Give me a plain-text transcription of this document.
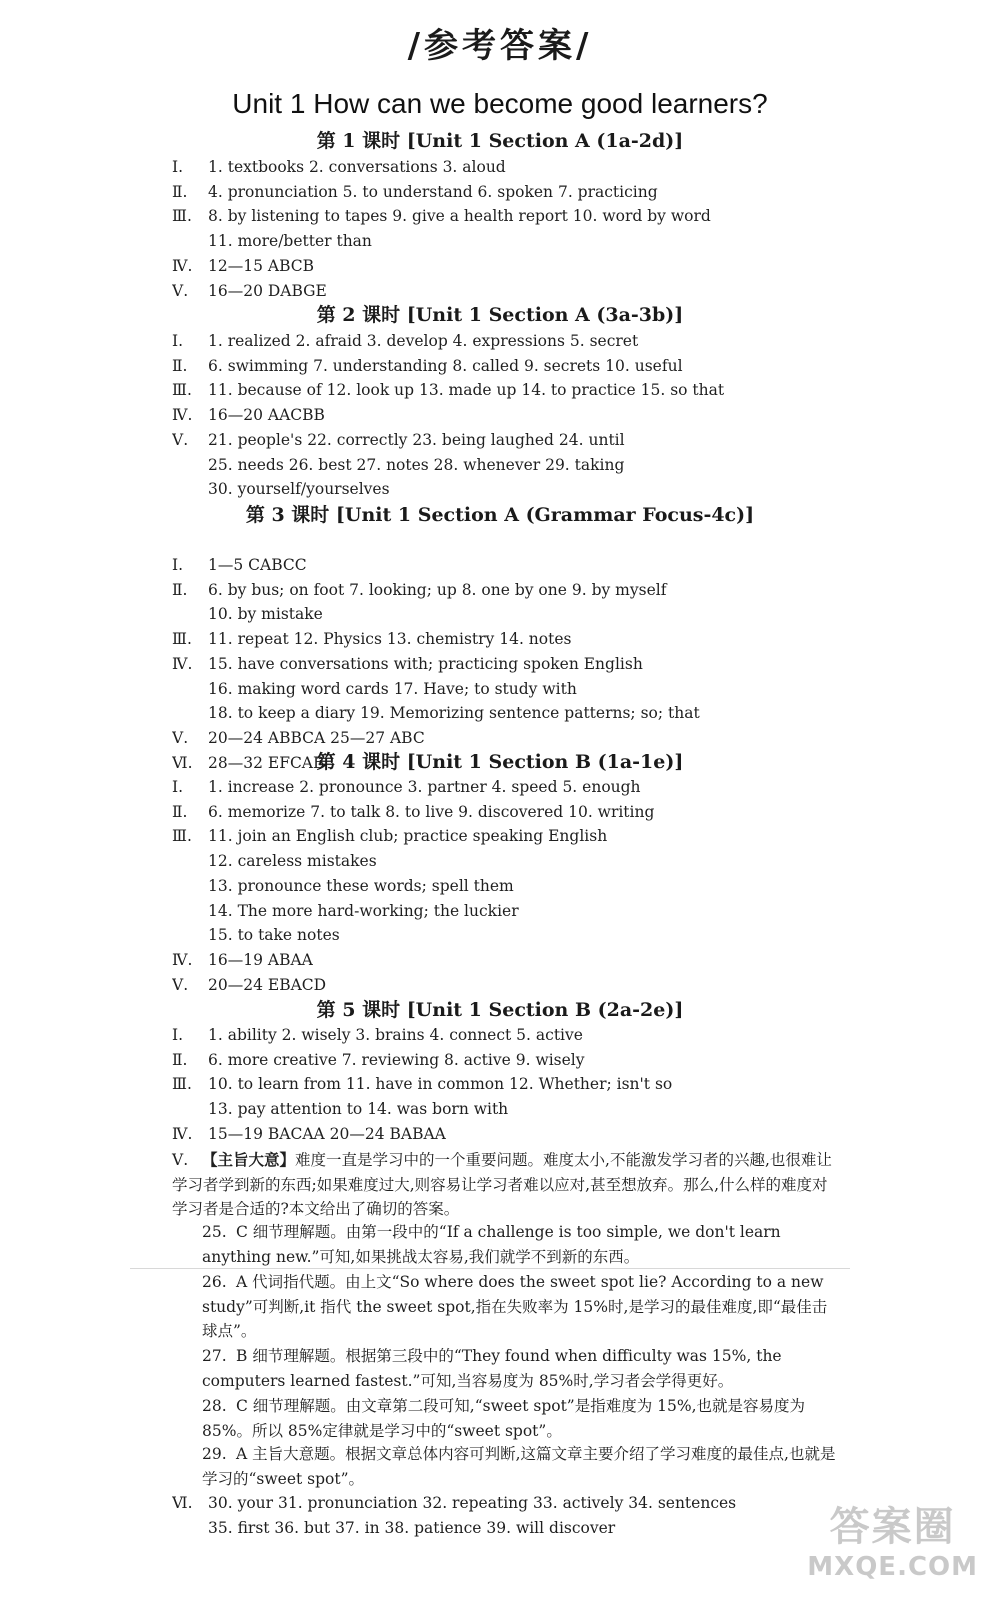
/参考答案/
Unit 1 How can we become good learners?
第 1 课时 [Unit 1 Section A (1a-2d)]
Ⅰ. 1. textbooks 2. conversations 3. aloud
Ⅱ. 4. pronunciation 5. to understand 6. spoken 7. practicing
Ⅲ. 8. by listening to tapes 9. give a health report 10. word by word
11. more/better than
Ⅳ. 12—15 ABCB
Ⅴ. 16—20 DABGE
第 2 课时 [Unit 1 Section A (3a-3b)]
Ⅰ. 1. realized 2. afraid 3. develop 4. expressions 5. secret
Ⅱ. 6. swimming 7. understanding 8. called 9. secrets 10. useful
Ⅲ. 11. because of 12. look up 13. made up 14. to practice 15. so that
Ⅳ. 16—20 AACBB
Ⅴ. 21. people's 22. correctly 23. being laughed 24. until
25. needs 26. best 27. notes 28. whenever 29. taking
30. yourself/yourselves
第 3 课时 [Unit 1 Section A (Grammar Focus-4c)]
Ⅰ. 1—5 CABCC
Ⅱ. 6. by bus; on foot 7. looking; up 8. one by one 9. by myself
10. by mistake
Ⅲ. 11. repeat 12. Physics 13. chemistry 14. notes
Ⅳ. 15. have conversations with; practicing spoken English
16. making word cards 17. Have; to study with
18. to keep a diary 19. Memorizing sentence patterns; so; that
Ⅴ. 20—24 ABBCA 25—27 ABC
Ⅵ. 28—32 EFCAB
第 4 课时 [Unit 1 Section B (1a-1e)]
Ⅰ. 1. increase 2. pronounce 3. partner 4. speed 5. enough
Ⅱ. 6. memorize 7. to talk 8. to live 9. discovered 10. writing
Ⅲ. 11. join an English club; practice speaking English
12. careless mistakes
13. pronounce these words; spell them
14. The more hard-working; the luckier
15. to take notes
Ⅳ. 16—19 ABAA
Ⅴ. 20—24 EBACD
第 5 课时 [Unit 1 Section B (2a-2e)]
Ⅰ. 1. ability 2. wisely 3. brains 4. connect 5. active
Ⅱ. 6. more creative 7. reviewing 8. active 9. wisely
Ⅲ. 10. to learn from 11. have in common 12. Whether; isn't so
13. pay attention to 14. was born with
Ⅳ. 15—19 BACAA 20—24 BABAA
Ⅴ. 【主旨大意】难度一直是学习中的一个重要问题。难度太小,不能激发学习者的兴趣,也很难让学习者学到新的东西;如果难度过大,则容易让学习者难以应对,甚至想放弃。那么,什么样的难度对学习者是合适的?本文给出了确切的答案。
25. C 细节理解题。由第一段中的“If a challenge is too simple, we don't learn anything new.”可知,如果挑战太容易,我们就学不到新的东西。
26. A 代词指代题。由上文“So where does the sweet spot lie? According to a new study”可判断,it 指代 the sweet spot,指在失败率为 15%时,是学习的最佳难度,即“最佳击球点”。
27. B 细节理解题。根据第三段中的“They found when difficulty was 15%, the computers learned fastest.”可知,当容易度为 85%时,学习者会学得更好。
28. C 细节理解题。由文章第二段可知,“sweet spot”是指难度为 15%,也就是容易度为 85%。所以 85%定律就是学习中的“sweet spot”。
29. A 主旨大意题。根据文章总体内容可判断,这篇文章主要介绍了学习难度的最佳点,也就是学习的“sweet spot”。
Ⅵ. 30. your 31. pronunciation 32. repeating 33. actively 34. sentences
35. first 36. but 37. in 38. patience 39. will discover	答案圈
MXQE.COM
